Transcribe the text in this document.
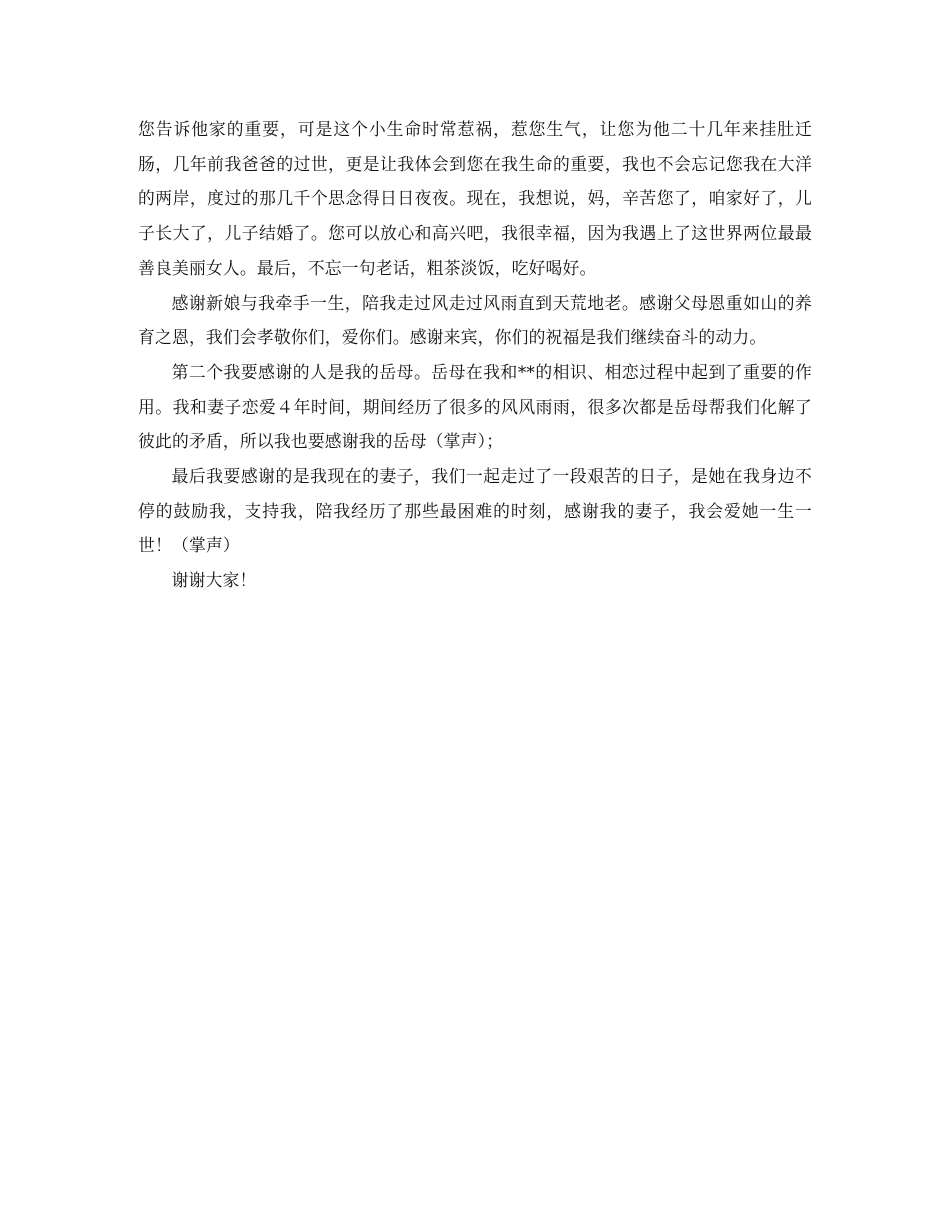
您告诉他家的重要，可是这个小生命时常惹祸，惹您生气，让您为他二十几年来挂肚迁肠，几年前我爸爸的过世，更是让我体会到您在我生命的重要，我也不会忘记您我在大洋的两岸，度过的那几千个思念得日日夜夜。现在，我想说，妈，辛苦您了，咱家好了，儿子长大了，儿子结婚了。您可以放心和高兴吧，我很幸福，因为我遇上了这世界两位最最善良美丽女人。最后，不忘一句老话，粗茶淡饭，吃好喝好。

感谢新娘与我牵手一生，陪我走过风走过风雨直到天荒地老。感谢父母恩重如山的养育之恩，我们会孝敬你们，爱你们。感谢来宾，你们的祝福是我们继续奋斗的动力。

第二个我要感谢的人是我的岳母。岳母在我和**的相识、相恋过程中起到了重要的作用。我和妻子恋爱４年时间，期间经历了很多的风风雨雨，很多次都是岳母帮我们化解了彼此的矛盾，所以我也要感谢我的岳母（掌声）；

最后我要感谢的是我现在的妻子，我们一起走过了一段艰苦的日子，是她在我身边不停的鼓励我，支持我，陪我经历了那些最困难的时刻，感谢我的妻子，我会爱她一生一世！（掌声）

谢谢大家！
